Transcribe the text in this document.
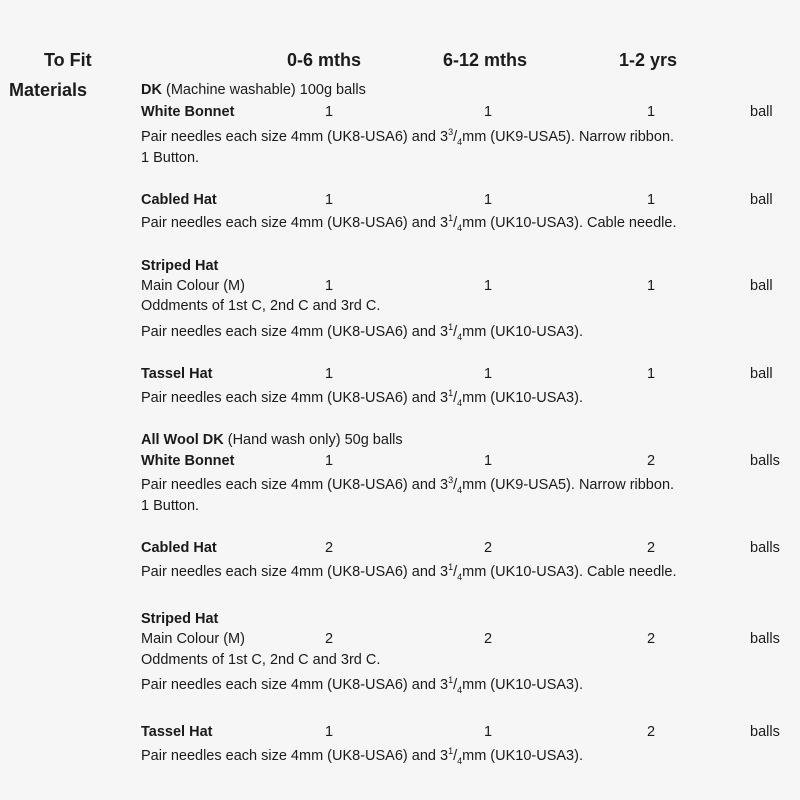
To Fit	0-6 mths	6-12 mths	1-2 yrs
Materials	DK (Machine washable) 100g balls
White Bonnet	1	1	1	ball
Pair needles each size 4mm (UK8-USA6) and $3^3/_4mm$ (UK9-USA5). Narrow ribbon.
1 Button.
Cabled Hat	1	1	1	ball
Pair needles each size 4mm (UK8-USA6) and $3^1/_4mm$ (UK10-USA3). Cable needle.
Striped Hat
Main Colour (M)	1	1	1	ball
Oddments of 1st C, 2nd C and 3rd C.
Pair needles each size 4mm (UK8-USA6) and $3^1/_4mm$ (UK10-USA3).
Tassel Hat	1	1	1	ball
Pair needles each size 4mm (UK8-USA6) and $3^1/_4mm$ (UK10-USA3).
All Wool DK (Hand wash only) 50g balls
White Bonnet	1	1	2	balls
Pair needles each size 4mm (UK8-USA6) and $3^3/_4mm$ (UK9-USA5). Narrow ribbon.
1 Button.
Cabled Hat	2	2	2	balls
Pair needles each size 4mm (UK8-USA6) and $3^1/_4mm$ (UK10-USA3). Cable needle.
Striped Hat
Main Colour (M)	2	2	2	balls
Oddments of 1st C, 2nd C and 3rd C.
Pair needles each size 4mm (UK8-USA6) and $3^1/_4mm$ (UK10-USA3).
Tassel Hat	1	1	2	balls
Pair needles each size 4mm (UK8-USA6) and $3^1/_4mm$ (UK10-USA3).
